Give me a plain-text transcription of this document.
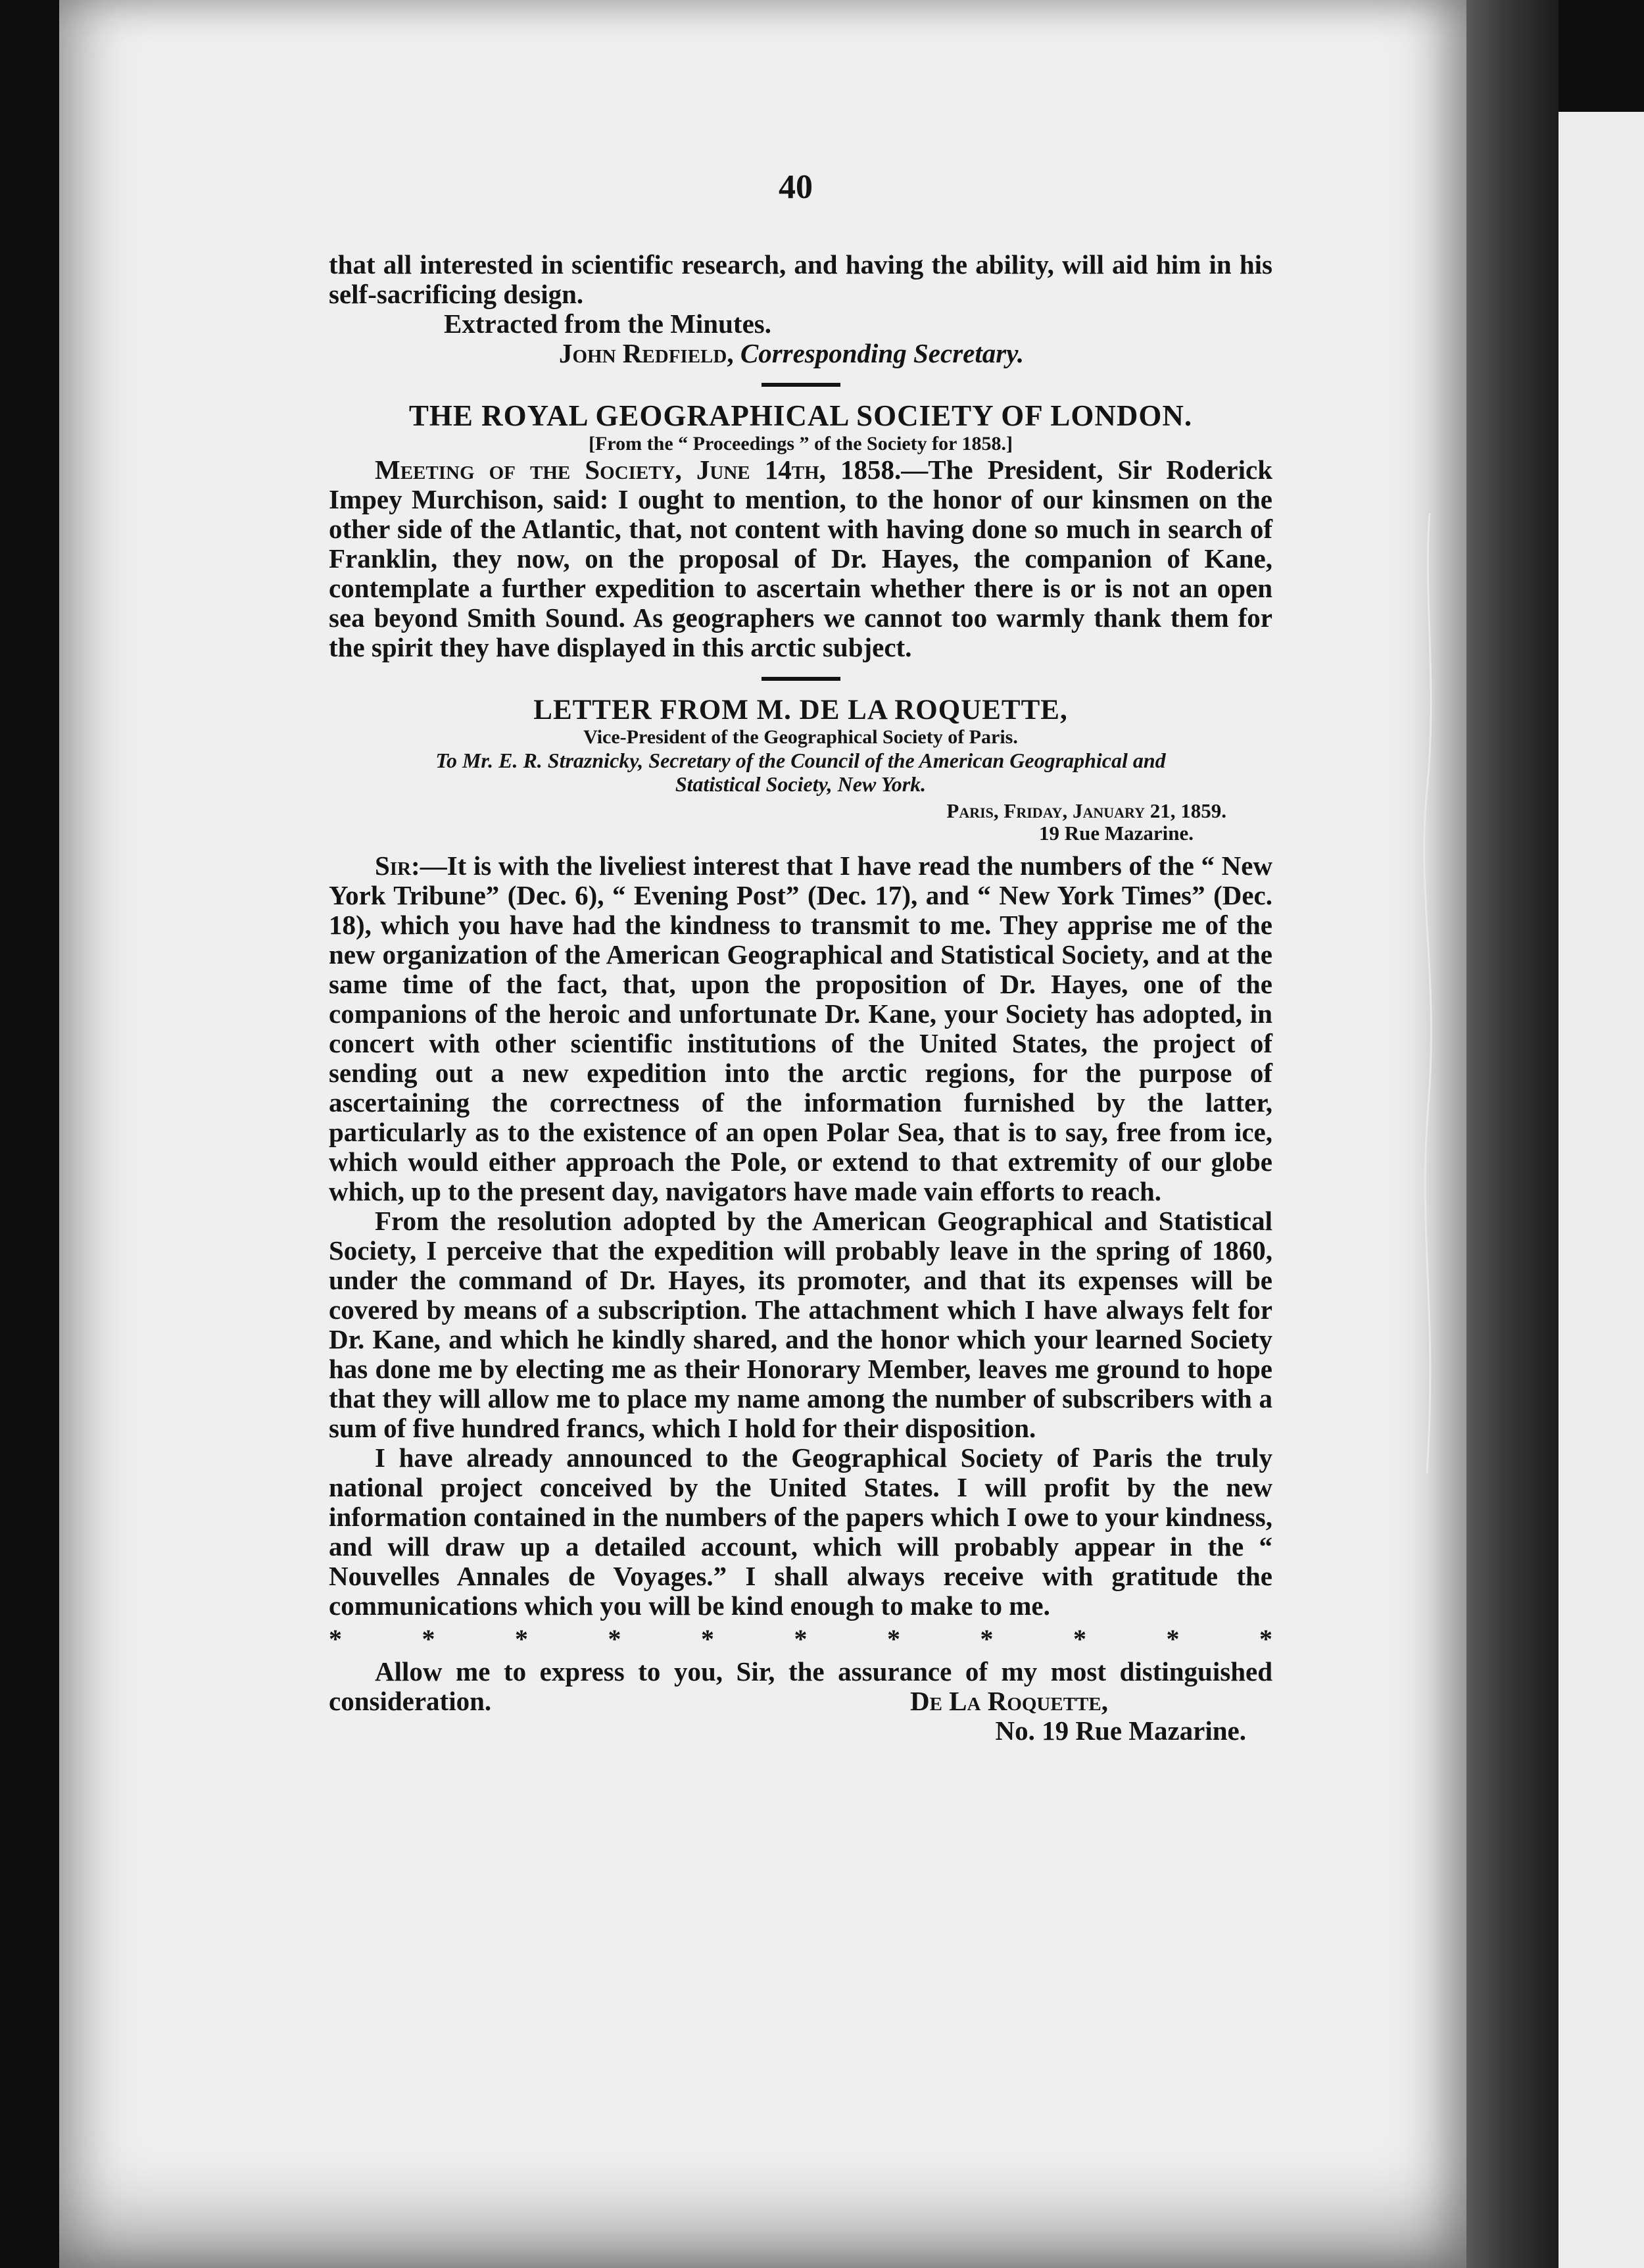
40

that all interested in scientific research, and having the ability, will aid him in his self-sacrificing design.

Extracted from the Minutes.

John Redfield, Corresponding Secretary.

THE ROYAL GEOGRAPHICAL SOCIETY OF LONDON.
[From the “ Proceedings ” of the Society for 1858.]

Meeting of the Society, June 14th, 1858.—The President, Sir Roderick Impey Murchison, said: I ought to mention, to the honor of our kinsmen on the other side of the Atlantic, that, not content with having done so much in search of Franklin, they now, on the proposal of Dr. Hayes, the companion of Kane, contemplate a further expedition to ascertain whether there is or is not an open sea beyond Smith Sound. As geographers we cannot too warmly thank them for the spirit they have displayed in this arctic subject.

LETTER FROM M. DE LA ROQUETTE,
Vice-President of the Geographical Society of Paris.
To Mr. E. R. Straznicky, Secretary of the Council of the American Geographical and
Statistical Society, New York.
Paris, Friday, January 21, 1859.
19 Rue Mazarine.

Sir:—It is with the liveliest interest that I have read the numbers of the “ New York Tribune” (Dec. 6), “ Evening Post” (Dec. 17), and “ New York Times” (Dec. 18), which you have had the kindness to transmit to me. They apprise me of the new organization of the American Geographical and Statistical Society, and at the same time of the fact, that, upon the proposition of Dr. Hayes, one of the companions of the heroic and unfortunate Dr. Kane, your Society has adopted, in concert with other scientific institutions of the United States, the project of sending out a new expedition into the arctic regions, for the purpose of ascertaining the correctness of the information furnished by the latter, particularly as to the existence of an open Polar Sea, that is to say, free from ice, which would either approach the Pole, or extend to that extremity of our globe which, up to the present day, navigators have made vain efforts to reach.

From the resolution adopted by the American Geographical and Statistical Society, I perceive that the expedition will probably leave in the spring of 1860, under the command of Dr. Hayes, its promoter, and that its expenses will be covered by means of a subscription. The attachment which I have always felt for Dr. Kane, and which he kindly shared, and the honor which your learned Society has done me by electing me as their Honorary Member, leaves me ground to hope that they will allow me to place my name among the number of subscribers with a sum of five hundred francs, which I hold for their disposition.

I have already announced to the Geographical Society of Paris the truly national project conceived by the United States. I will profit by the new information contained in the numbers of the papers which I owe to your kindness, and will draw up a detailed account, which will probably appear in the “ Nouvelles Annales de Voyages.” I shall always receive with gratitude the communications which you will be kind enough to make to me.

*	*	*	*	*	*	*	*	*	*	*

Allow me to express to you, Sir, the assurance of my most distinguished consideration.	De La Roquette,

No. 19 Rue Mazarine.
